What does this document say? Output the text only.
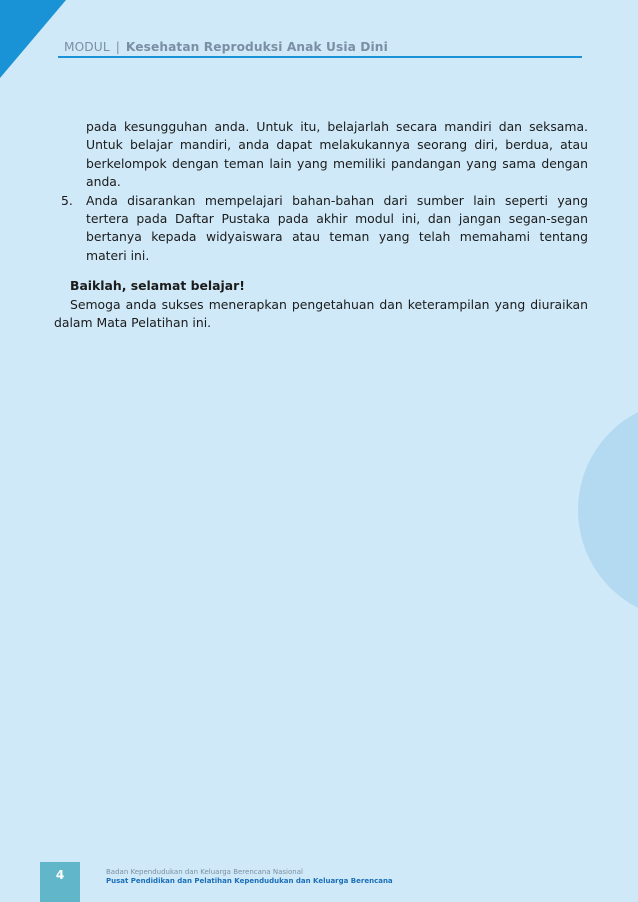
MODUL | Kesehatan Reproduksi Anak Usia Dini
pada kesungguhan anda. Untuk itu, belajarlah secara mandiri dan seksama. Untuk belajar mandiri, anda dapat melakukannya seorang diri, berdua, atau berkelompok dengan teman lain yang memiliki pandangan yang sama dengan anda.
5. Anda disarankan mempelajari bahan-bahan dari sumber lain seperti yang tertera pada Daftar Pustaka pada akhir modul ini, dan jangan segan-segan bertanya kepada widyaiswara atau teman yang telah memahami tentang materi ini.
Baiklah, selamat belajar!
Semoga anda sukses menerapkan pengetahuan dan keterampilan yang diuraikan dalam Mata Pelatihan ini.
4	Badan Kependudukan dan Keluarga Berencana Nasional
Pusat Pendidikan dan Pelatihan Kependudukan dan Keluarga Berencana
